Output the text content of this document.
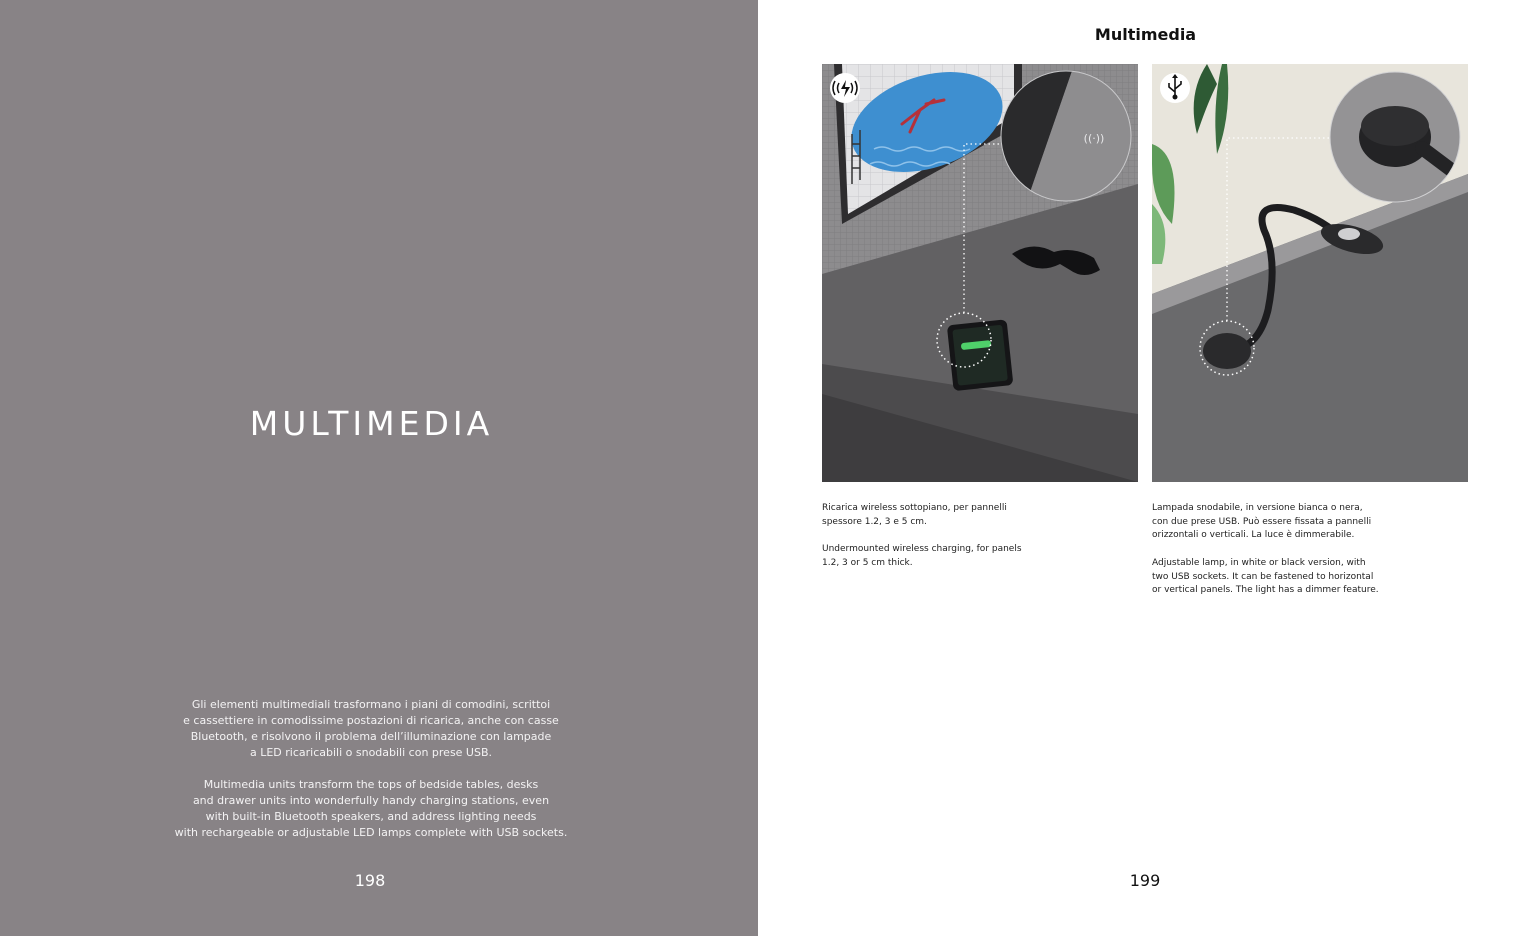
MULTIMEDIA

Gli elementi multimediali trasformano i piani di comodini, scrittoi
e cassettiere in comodissime postazioni di ricarica, anche con casse
Bluetooth, e risolvono il problema dell’illuminazione con lampade
a LED ricaricabili o snodabili con prese USB.

Multimedia units transform the tops of bedside tables, desks
and drawer units into wonderfully handy charging stations, even
with built-in Bluetooth speakers, and address lighting needs
with rechargeable or adjustable LED lamps complete with USB sockets.

198
Multimedia
((·))

Ricarica wireless sottopiano, per pannelli
spessore 1.2, 3 e 5 cm.

Undermounted wireless charging, for panels
1.2, 3 or 5 cm thick.

Lampada snodabile, in versione bianca o nera,
con due prese USB. Può essere fissata a pannelli
orizzontali o verticali. La luce è dimmerabile.

Adjustable lamp, in white or black version, with
two USB sockets. It can be fastened to horizontal
or vertical panels. The light has a dimmer feature.

199
